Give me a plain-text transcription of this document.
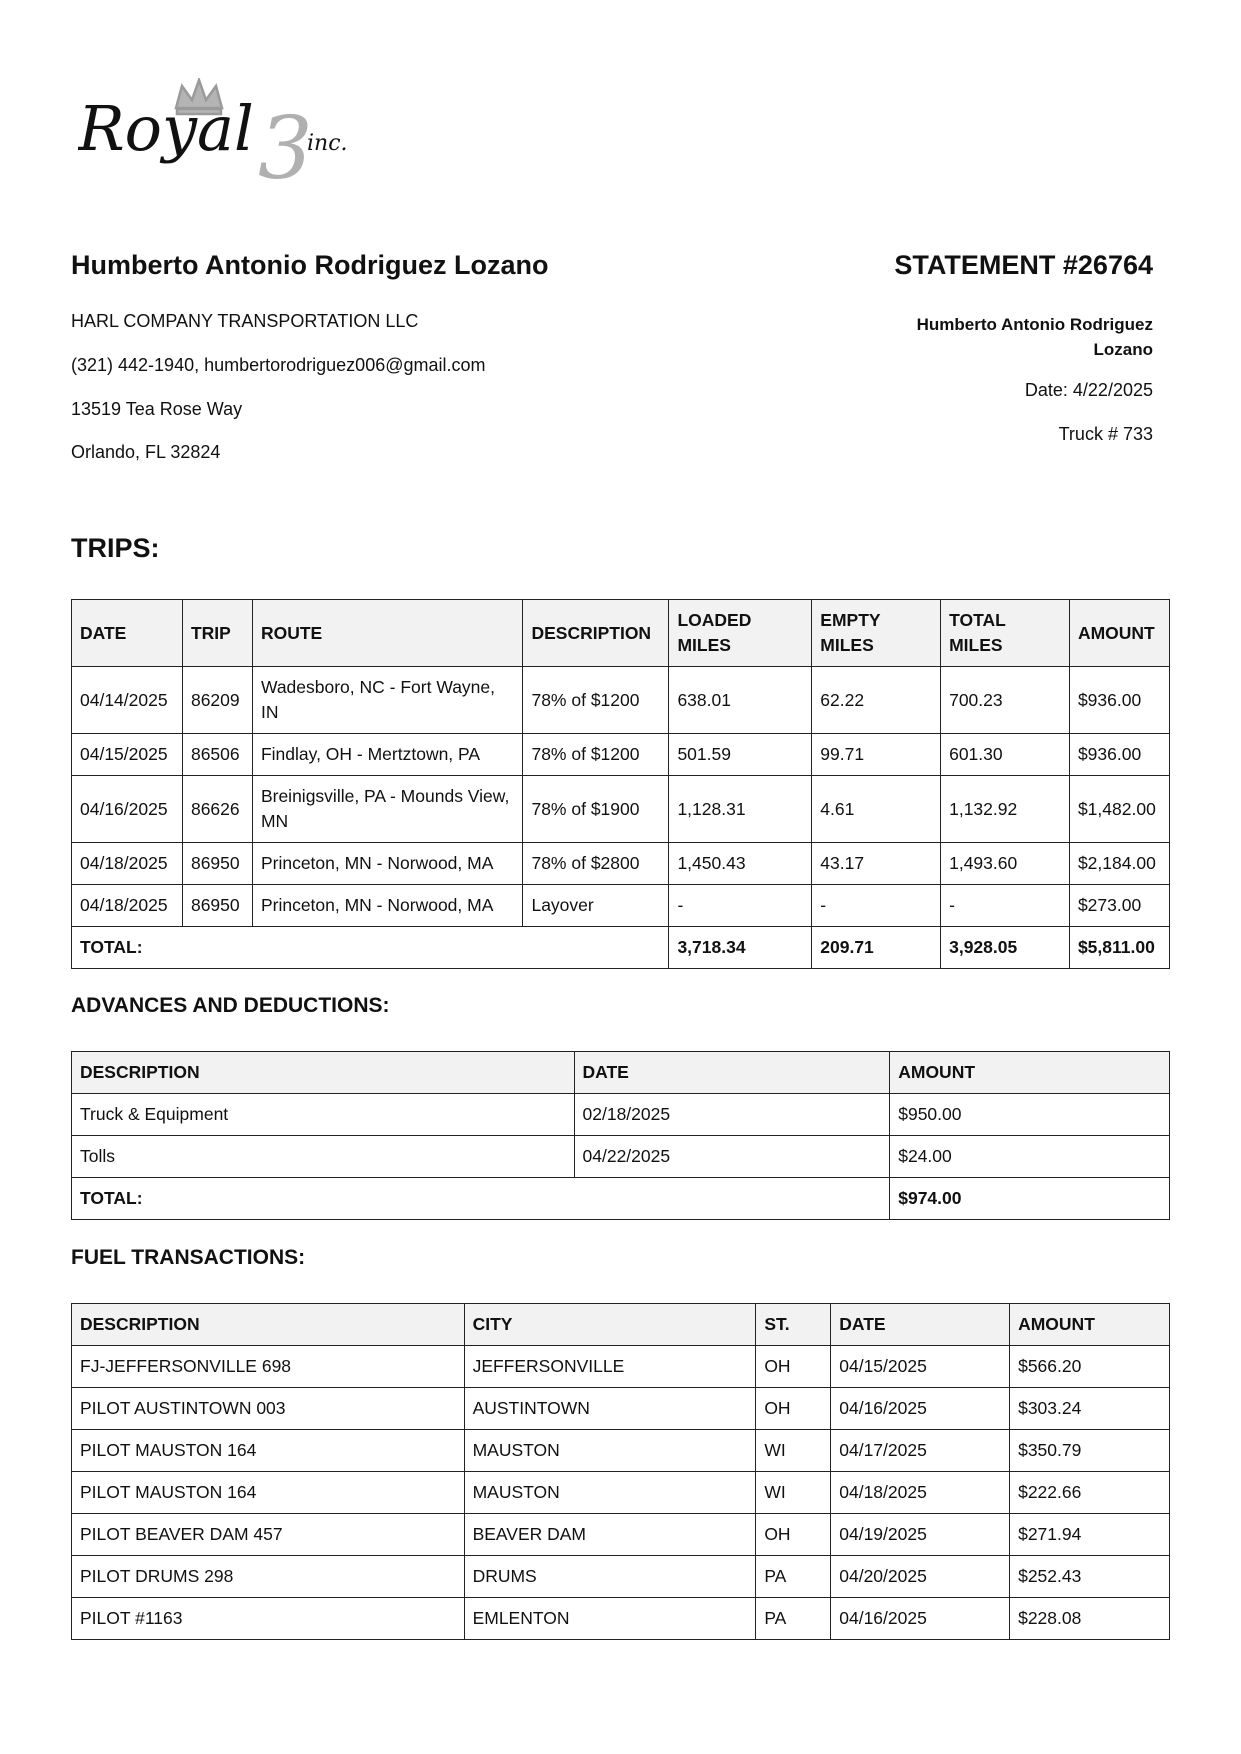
3
Royal inc.
Humberto Antonio Rodriguez Lozano
HARL COMPANY TRANSPORTATION LLC
(321) 442-1940, humbertorodriguez006@gmail.com
13519 Tea Rose Way
Orlando, FL 32824
STATEMENT #26764
Humberto Antonio Rodriguez Lozano
Date: 4/22/2025
Truck # 733
TRIPS:
DATE	TRIP	ROUTE	DESCRIPTION	LOADED MILES	EMPTY MILES	TOTAL MILES	AMOUNT
04/14/2025	86209	Wadesboro, NC - Fort Wayne, IN	78% of $1200	638.01	62.22	700.23	$936.00
04/15/2025	86506	Findlay, OH - Mertztown, PA	78% of $1200	501.59	99.71	601.30	$936.00
04/16/2025	86626	Breinigsville, PA - Mounds View, MN	78% of $1900	1,128.31	4.61	1,132.92	$1,482.00
04/18/2025	86950	Princeton, MN - Norwood, MA	78% of $2800	1,450.43	43.17	1,493.60	$2,184.00
04/18/2025	86950	Princeton, MN - Norwood, MA	Layover	-	-	-	$273.00
TOTAL:				3,718.34	209.71	3,928.05	$5,811.00
ADVANCES AND DEDUCTIONS:
DESCRIPTION	DATE	AMOUNT
Truck & Equipment	02/18/2025	$950.00
Tolls	04/22/2025	$24.00
TOTAL:		$974.00
FUEL TRANSACTIONS:
DESCRIPTION	CITY	ST.	DATE	AMOUNT
FJ-JEFFERSONVILLE 698	JEFFERSONVILLE	OH	04/15/2025	$566.20
PILOT AUSTINTOWN 003	AUSTINTOWN	OH	04/16/2025	$303.24
PILOT MAUSTON 164	MAUSTON	WI	04/17/2025	$350.79
PILOT MAUSTON 164	MAUSTON	WI	04/18/2025	$222.66
PILOT BEAVER DAM 457	BEAVER DAM	OH	04/19/2025	$271.94
PILOT DRUMS 298	DRUMS	PA	04/20/2025	$252.43
PILOT #1163	EMLENTON	PA	04/16/2025	$228.08
